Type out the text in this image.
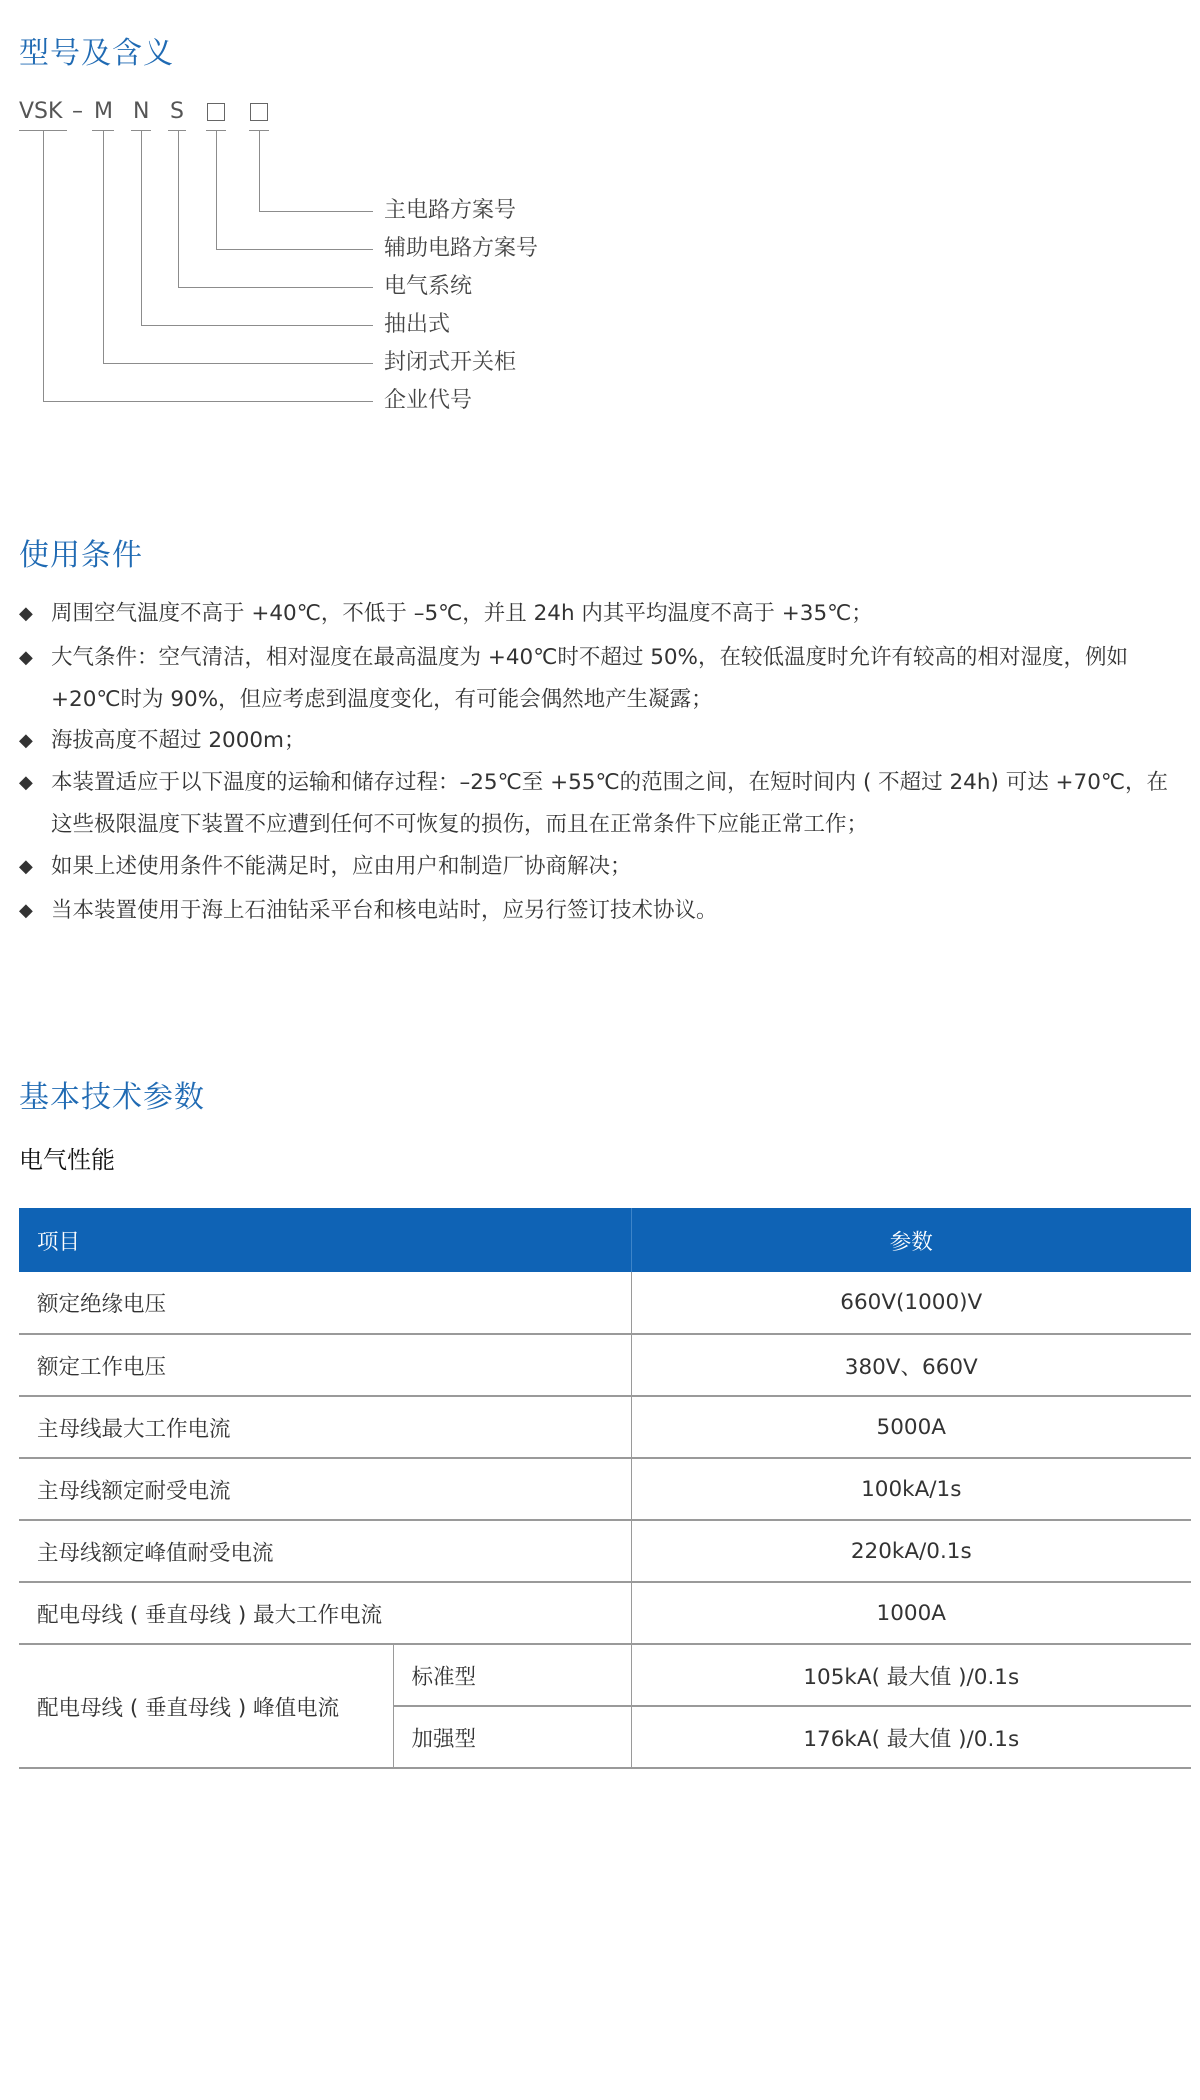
型号及含义
VSK – M N S
主电路方案号
辅助电路方案号
电气系统
抽出式
封闭式开关柜
企业代号
使用条件
◆ 周围空气温度不高于 +40℃，不低于 –5℃，并且 24h 内其平均温度不高于 +35℃；
◆ 大气条件：空气清洁，相对湿度在最高温度为 +40℃时不超过 50%，在较低温度时允许有较高的相对湿度，例如 +20℃时为 90%，但应考虑到温度变化，有可能会偶然地产生凝露；
◆ 海拔高度不超过 2000m；
◆ 本装置适应于以下温度的运输和储存过程：–25℃至 +55℃的范围之间，在短时间内 ( 不超过 24h) 可达 +70℃，在这些极限温度下装置不应遭到任何不可恢复的损伤，而且在正常条件下应能正常工作；
◆ 如果上述使用条件不能满足时，应由用户和制造厂协商解决；
◆ 当本装置使用于海上石油钻采平台和核电站时，应另行签订技术协议。
基本技术参数
电气性能
项目		参数
额定绝缘电压		660V(1000)V
额定工作电压		380V、660V
主母线最大工作电流		5000A
主母线额定耐受电流		100kA/1s
主母线额定峰值耐受电流		220kA/0.1s
配电母线 ( 垂直母线 ) 最大工作电流		1000A
配电母线 ( 垂直母线 ) 峰值电流	标准型	105kA( 最大值 )/0.1s
	加强型	176kA( 最大值 )/0.1s
